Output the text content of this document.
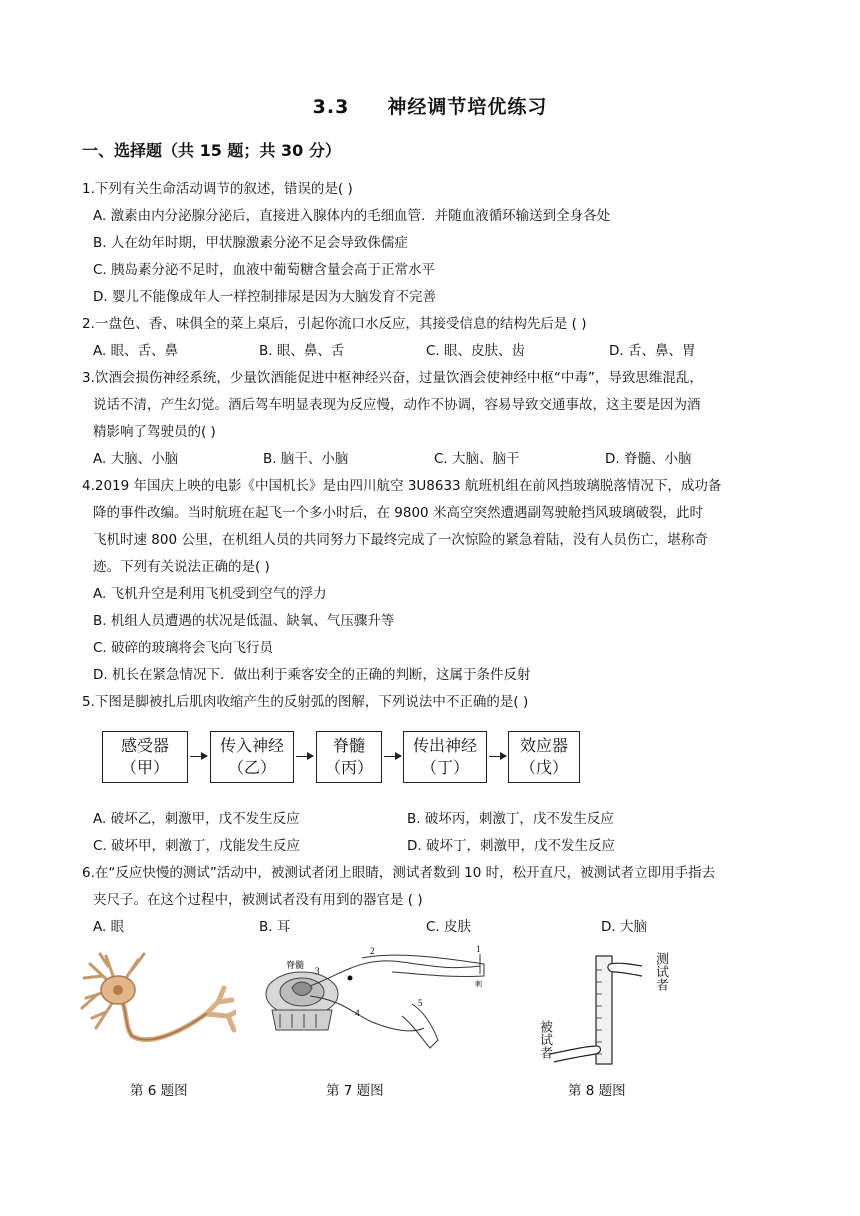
3.3 神经调节培优练习
一、选择题（共 15 题；共 30 分）
1.下列有关生命活动调节的叙述，错误的是( )
A. 激素由内分泌腺分泌后，直接进入腺体内的毛细血管．并随血液循环输送到全身各处
B. 人在幼年时期，甲状腺激素分泌不足会导致侏儒症
C. 胰岛素分泌不足时，血液中葡萄糖含量会高于正常水平
D. 婴儿不能像成年人一样控制排尿是因为大脑发育不完善
2.一盘色、香、味俱全的菜上桌后，引起你流口水反应，其接受信息的结构先后是 ( )
A. 眼、舌、鼻	B. 眼、鼻、舌	C. 眼、皮肤、齿	D. 舌、鼻、胃
3.饮酒会损伤神经系统，少量饮酒能促进中枢神经兴奋，过量饮酒会使神经中枢“中毒”，导致思维混乱，
说话不清，产生幻觉。酒后驾车明显表现为反应慢，动作不协调，容易导致交通事故，这主要是因为酒
精影响了驾驶员的( )
A. 大脑、小脑	B. 脑干、小脑	C. 大脑、脑干	D. 脊髓、小脑
4.2019 年国庆上映的电影《中国机长》是由四川航空 3U8633 航班机组在前风挡玻璃脱落情况下，成功备
降的事件改编。当时航班在起飞一个多小时后，在 9800 米高空突然遭遇副驾驶舱挡风玻璃破裂，此时
飞机时速 800 公里，在机组人员的共同努力下最终完成了一次惊险的紧急着陆，没有人员伤亡，堪称奇
迹。下列有关说法正确的是( )
A. 飞机升空是利用飞机受到空气的浮力
B. 机组人员遭遇的状况是低温、缺氧、气压骤升等
C. 破碎的玻璃将会飞向飞行员
D. 机长在紧急情况下．做出利于乘客安全的正确的判断，这属于条件反射
5.下图是脚被扎后肌肉收缩产生的反射弧的图解，下列说法中不正确的是( )
感受器
（甲）
传入神经
（乙）
脊髓
（丙）
传出神经
（丁）
效应器
（戊）
A. 破坏乙，刺激甲，戊不发生反应	B. 破坏丙，刺激丁，戊不发生反应
C. 破坏甲，刺激丁，戊能发生反应	D. 破坏丁，刺激甲，戊不发生反应
6.在“反应快慢的测试”活动中，被测试者闭上眼睛，测试者数到 10 时，松开直尺，被测试者立即用手指去
夹尺子。在这个过程中，被测试者没有用到的器官是 ( )
A. 眼	B. 耳	C. 皮肤	D. 大脑
脊髓
3
2	1
4
5
刺	测试者
被试者
第 6 题图	第 7 题图	第 8 题图
